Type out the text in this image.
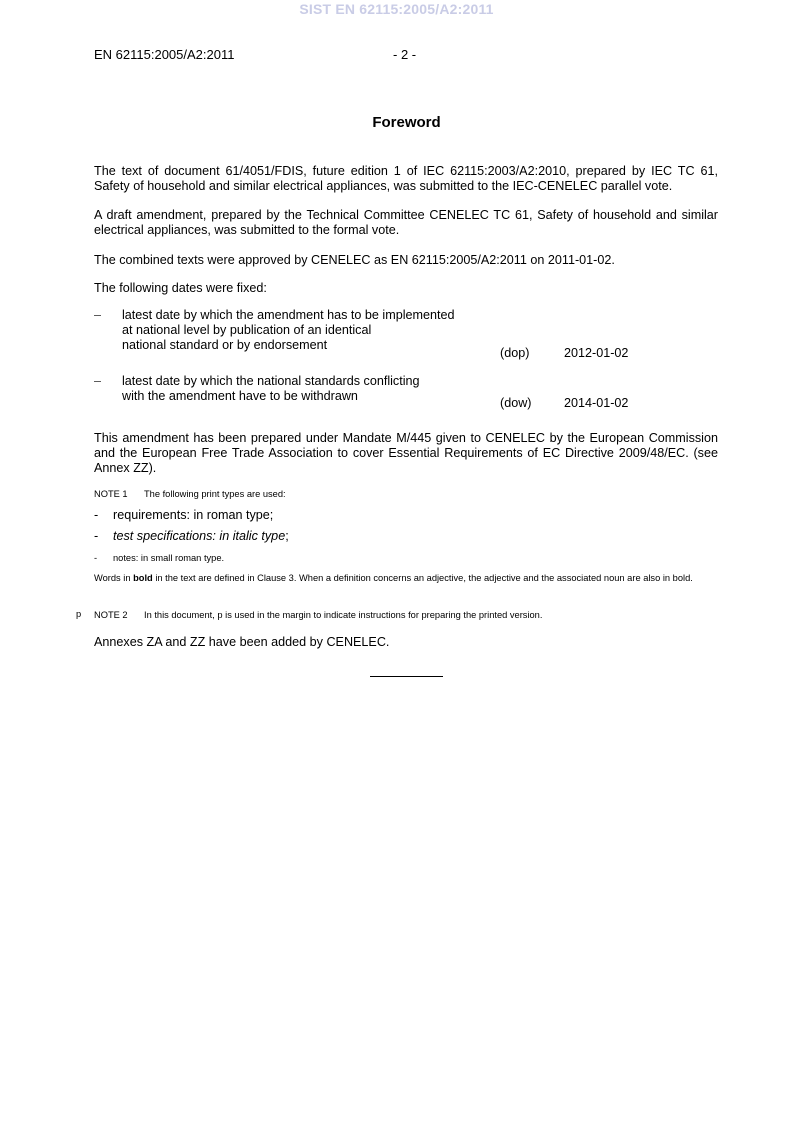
SIST EN 62115:2005/A2:2011
EN 62115:2005/A2:2011	- 2 -
Foreword
The text of document 61/4051/FDIS, future edition 1 of IEC 62115:2003/A2:2010, prepared by IEC TC 61, Safety of household and similar electrical appliances, was submitted to the IEC-CENELEC parallel vote.
A draft amendment, prepared by the Technical Committee CENELEC TC 61, Safety of household and similar electrical appliances, was submitted to the formal vote.
The combined texts were approved by CENELEC as EN 62115:2005/A2:2011 on 2011-01-02.
The following dates were fixed:
– latest date by which the amendment has to be implemented
at national level by publication of an identical
national standard or by endorsement
(dop)	2012-01-02
– latest date by which the national standards conflicting
with the amendment have to be withdrawn	(dow)	2014-01-02
This amendment has been prepared under Mandate M/445 given to CENELEC by the European Commission and the European Free Trade Association to cover Essential Requirements of EC Directive 2009/48/EC. (see Annex ZZ).
NOTE 1 The following print types are used:
- requirements: in roman type;
- test specifications: in italic type;
- notes: in small roman type.
Words in bold in the text are defined in Clause 3. When a definition concerns an adjective, the adjective and the associated noun are also in bold.
p NOTE 2 In this document, p is used in the margin to indicate instructions for preparing the printed version.
Annexes ZA and ZZ have been added by CENELEC.
